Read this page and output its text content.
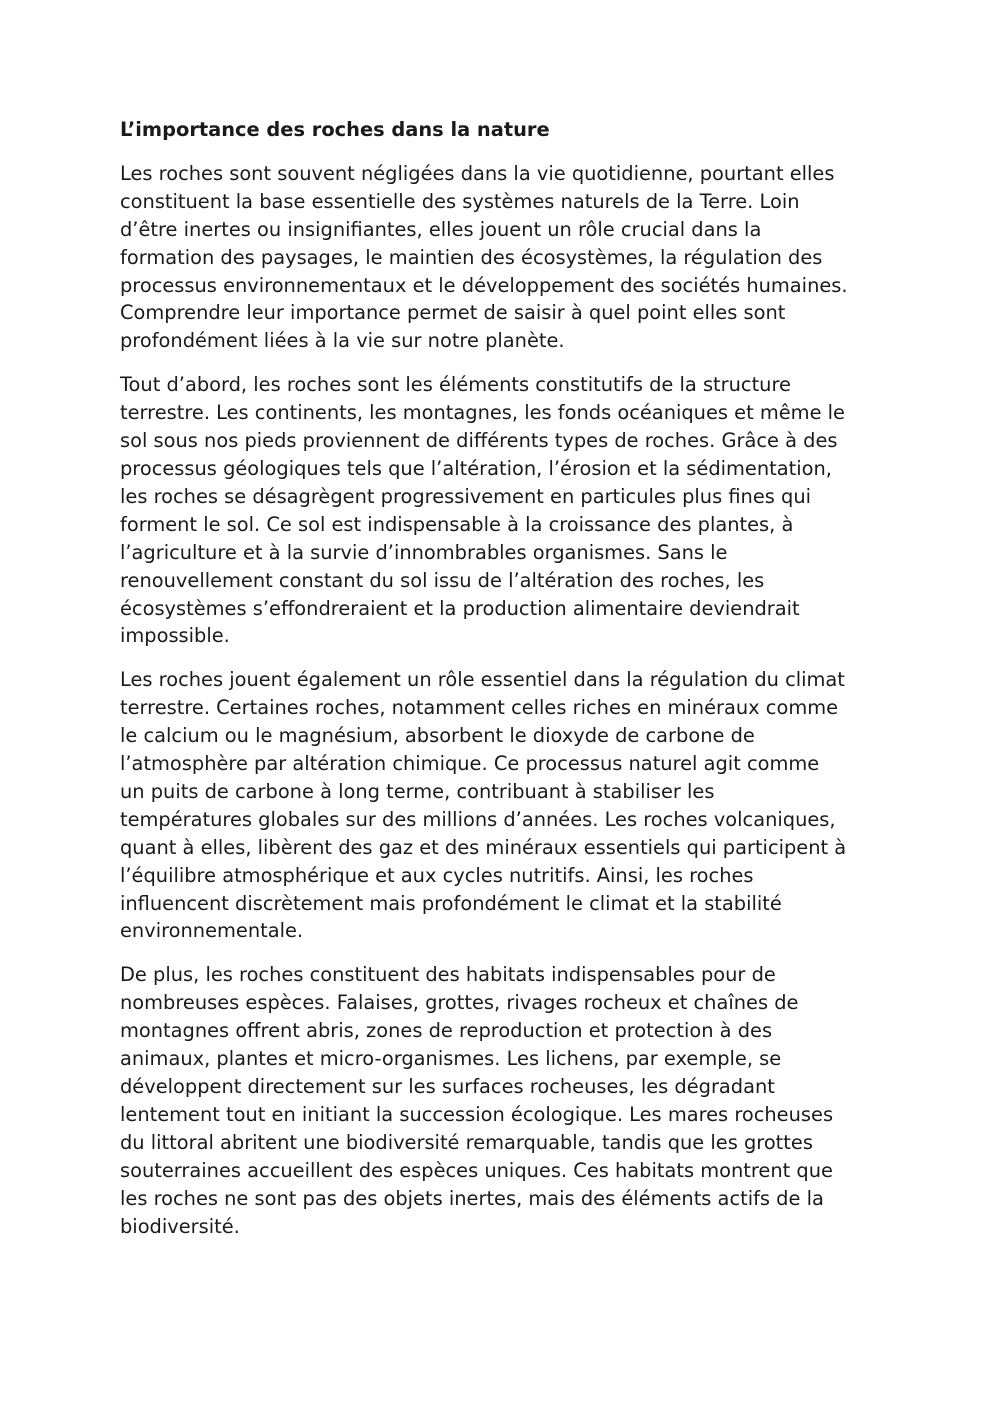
L’importance des roches dans la nature

Les roches sont souvent négligées dans la vie quotidienne, pourtant elles
constituent la base essentielle des systèmes naturels de la Terre. Loin
d’être inertes ou insignifiantes, elles jouent un rôle crucial dans la
formation des paysages, le maintien des écosystèmes, la régulation des
processus environnementaux et le développement des sociétés humaines.
Comprendre leur importance permet de saisir à quel point elles sont
profondément liées à la vie sur notre planète.
Tout d’abord, les roches sont les éléments constitutifs de la structure
terrestre. Les continents, les montagnes, les fonds océaniques et même le
sol sous nos pieds proviennent de différents types de roches. Grâce à des
processus géologiques tels que l’altération, l’érosion et la sédimentation,
les roches se désagrègent progressivement en particules plus fines qui
forment le sol. Ce sol est indispensable à la croissance des plantes, à
l’agriculture et à la survie d’innombrables organismes. Sans le
renouvellement constant du sol issu de l’altération des roches, les
écosystèmes s’effondreraient et la production alimentaire deviendrait
impossible.
Les roches jouent également un rôle essentiel dans la régulation du climat
terrestre. Certaines roches, notamment celles riches en minéraux comme
le calcium ou le magnésium, absorbent le dioxyde de carbone de
l’atmosphère par altération chimique. Ce processus naturel agit comme
un puits de carbone à long terme, contribuant à stabiliser les
températures globales sur des millions d’années. Les roches volcaniques,
quant à elles, libèrent des gaz et des minéraux essentiels qui participent à
l’équilibre atmosphérique et aux cycles nutritifs. Ainsi, les roches
influencent discrètement mais profondément le climat et la stabilité
environnementale.
De plus, les roches constituent des habitats indispensables pour de
nombreuses espèces. Falaises, grottes, rivages rocheux et chaînes de
montagnes offrent abris, zones de reproduction et protection à des
animaux, plantes et micro-organismes. Les lichens, par exemple, se
développent directement sur les surfaces rocheuses, les dégradant
lentement tout en initiant la succession écologique. Les mares rocheuses
du littoral abritent une biodiversité remarquable, tandis que les grottes
souterraines accueillent des espèces uniques. Ces habitats montrent que
les roches ne sont pas des objets inertes, mais des éléments actifs de la
biodiversité.
